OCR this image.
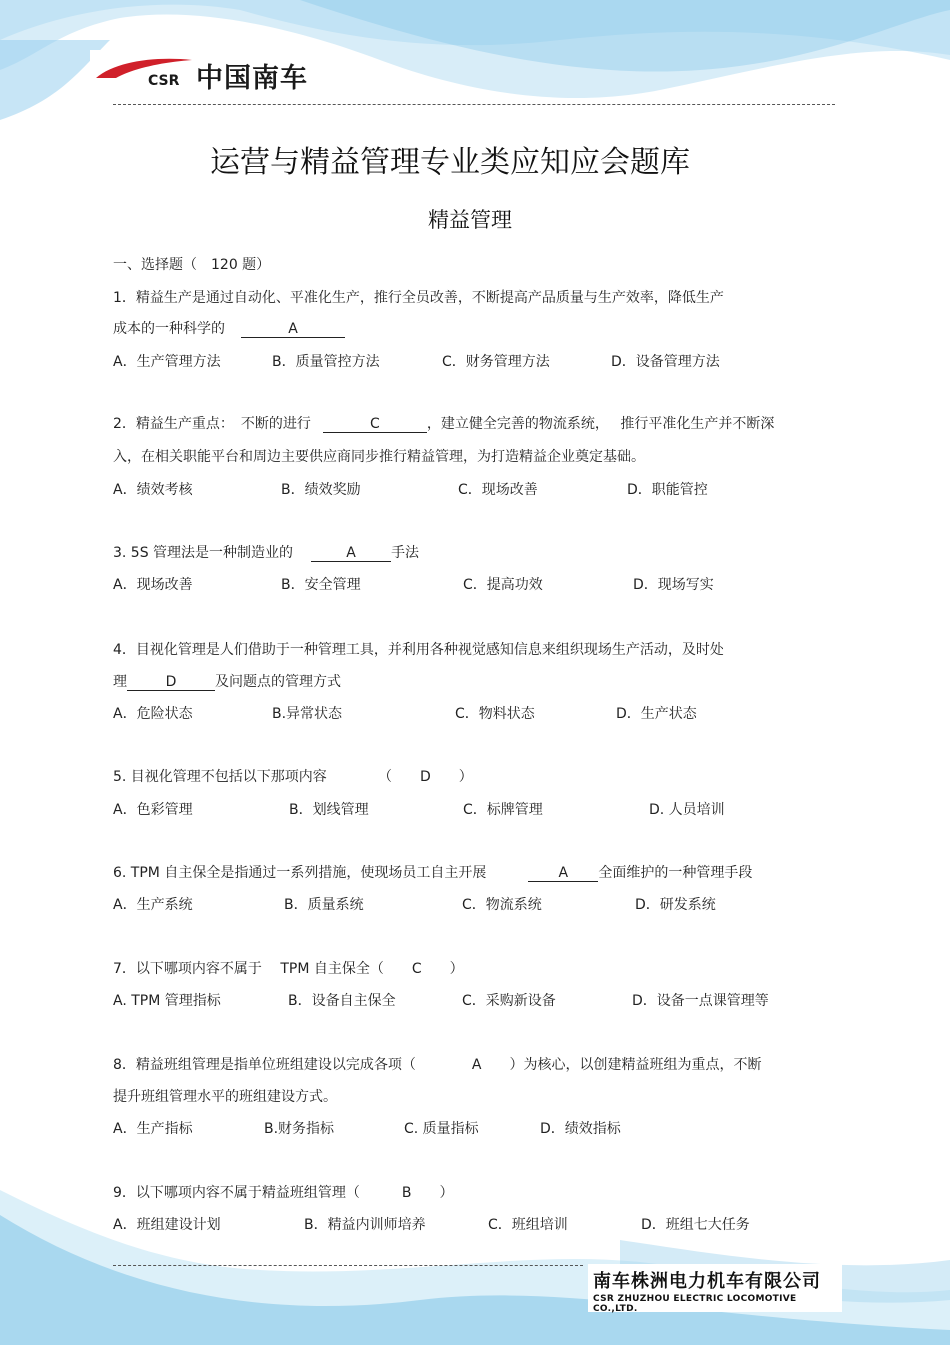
CSR 中国南车
运营与精益管理专业类应知应会题库
精益管理
一、选择题（　120 题）
1．精益生产是通过自动化、平准化生产，推行全员改善，不断提高产品质量与生产效率，降低生产
成本的一种科学的	A
A．生产管理方法	B．质量管控方法	C．财务管理方法	D．设备管理方法
2．精益生产重点：　不断的进行	C	，建立健全完善的物流系统，　 推行平准化生产并不断深
入，在相关职能平台和周边主要供应商同步推行精益管理，为打造精益企业奠定基础。
A．绩效考核	B．绩效奖励	C．现场改善	D．职能管控
3. 5S 管理法是一种制造业的	A	手法
A．现场改善	B．安全管理	C．提高功效	D．现场写实
4．目视化管理是人们借助于一种管理工具，并利用各种视觉感知信息来组织现场生产活动，及时处
理	D	及问题点的管理方式
A．危险状态	B.异常状态	C．物料状态	D．生产状态
5. 目视化管理不包括以下那项内容	（　　D　　）
A．色彩管理	B．划线管理	C．标牌管理	D. 人员培训
6. TPM 自主保全是指通过一系列措施，使现场员工自主开展	A 全面维护的一种管理手段
A．生产系统	B．质量系统	C．物流系统	D．研发系统
7．以下哪项内容不属于　 TPM 自主保全（　　C　　）
A. TPM 管理指标	B．设备自主保全	C．采购新设备	D．设备一点课管理等
8．精益班组管理是指单位班组建设以完成各项（　　　　A　　）为核心，以创建精益班组为重点，不断
提升班组管理水平的班组建设方式。
A．生产指标	B.财务指标	C. 质量指标	D．绩效指标
9．以下哪项内容不属于精益班组管理（　　　B　　）
A．班组建设计划	B．精益内训师培养	C．班组培训	D．班组七大任务
南车株洲电力机车有限公司
CSR ZHUZHOU ELECTRIC LOCOMOTIVE CO.,LTD.
